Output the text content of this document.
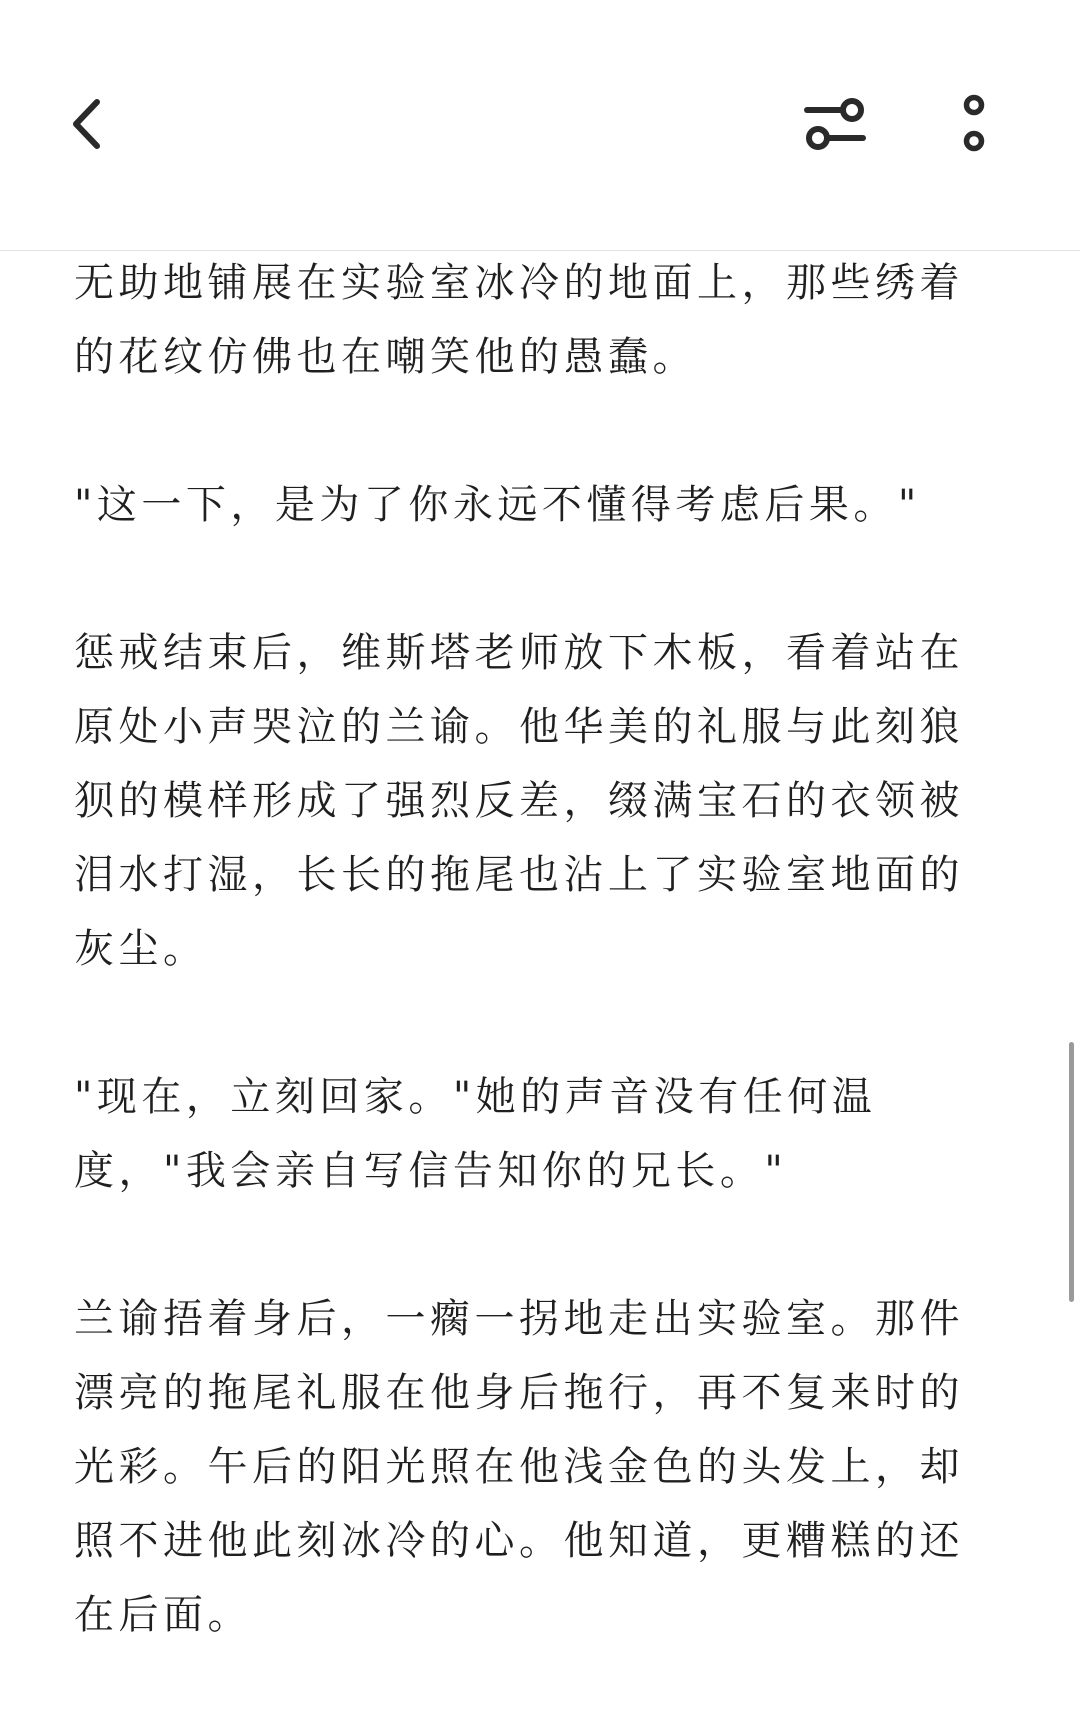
无助地铺展在实验室冰冷的地面上，那些绣着的花纹仿佛也在嘲笑他的愚蠢。

"这一下，是为了你永远不懂得考虑后果。"

惩戒结束后，维斯塔老师放下木板，看着站在原处小声哭泣的兰谕。他华美的礼服与此刻狼狈的模样形成了强烈反差，缀满宝石的衣领被泪水打湿，长长的拖尾也沾上了实验室地面的灰尘。

"现在，立刻回家。"她的声音没有任何温度，"我会亲自写信告知你的兄长。"

兰谕捂着身后，一瘸一拐地走出实验室。那件漂亮的拖尾礼服在他身后拖行，再不复来时的光彩。午后的阳光照在他浅金色的头发上，却照不进他此刻冰冷的心。他知道，更糟糕的还在后面。
